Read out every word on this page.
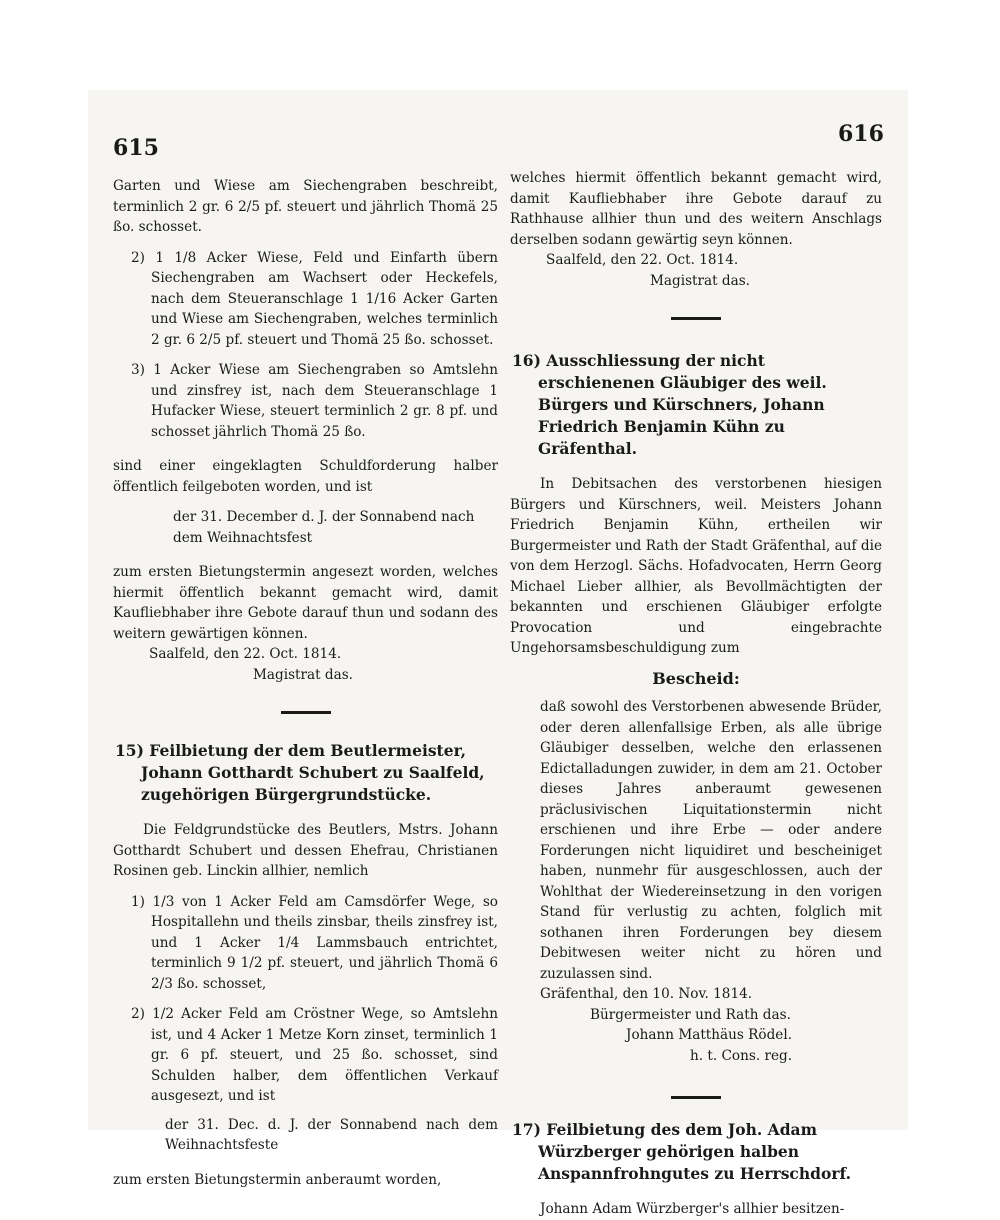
615
616

Garten und Wiese am Siechengraben beschreibt, terminlich 2 gr. 6 2/5 pf. steuert und jährlich Thomä 25 ßo. schosset.

2) 1 1/8 Acker Wiese, Feld und Einfarth übern Siechengraben am Wachsert oder Heckefels, nach dem Steueranschlage 1 1/16 Acker Garten und Wiese am Siechengraben, welches terminlich 2 gr. 6 2/5 pf. steuert und Thomä 25 ßo. schosset.

3) 1 Acker Wiese am Siechengraben so Amtslehn und zinsfrey ist, nach dem Steueranschlage 1 Hufacker Wiese, steuert terminlich 2 gr. 8 pf. und schosset jährlich Thomä 25 ßo.

sind einer eingeklagten Schuldforderung halber öffentlich feilgeboten worden, und ist

der 31. December d. J. der Sonnabend nach dem Weihnachtsfest

zum ersten Bietungstermin angesezt worden, welches hiermit öffentlich bekannt gemacht wird, damit Kaufliebhaber ihre Gebote darauf thun und sodann des weitern gewärtigen können.

Saalfeld, den 22. Oct. 1814.

Magistrat das.

15) Feilbietung der dem Beutlermeister, Johann Gotthardt Schubert zu Saalfeld, zugehörigen Bürgergrundstücke.

Die Feldgrundstücke des Beutlers, Mstrs. Johann Gotthardt Schubert und dessen Ehefrau, Christianen Rosinen geb. Linckin allhier, nemlich

1) 1/3 von 1 Acker Feld am Camsdörfer Wege, so Hospitallehn und theils zinsbar, theils zinsfrey ist, und 1 Acker 1/4 Lammsbauch entrichtet, terminlich 9 1/2 pf. steuert, und jährlich Thomä 6 2/3 ßo. schosset,

2) 1/2 Acker Feld am Cröstner Wege, so Amtslehn ist, und 4 Acker 1 Metze Korn zinset, terminlich 1 gr. 6 pf. steuert, und 25 ßo. schosset, sind Schulden halber, dem öffentlichen Verkauf ausgesezt, und ist

der 31. Dec. d. J. der Sonnabend nach dem Weihnachtsfeste

zum ersten Bietungstermin anberaumt worden,

welches hiermit öffentlich bekannt gemacht wird, damit Kaufliebhaber ihre Gebote darauf zu Rathhause allhier thun und des weitern Anschlags derselben sodann gewärtig seyn können.

Saalfeld, den 22. Oct. 1814.

Magistrat das.

16) Ausschliessung der nicht erschienenen Gläubiger des weil. Bürgers und Kürschners, Johann Friedrich Benjamin Kühn zu Gräfenthal.

In Debitsachen des verstorbenen hiesigen Bürgers und Kürschners, weil. Meisters Johann Friedrich Benjamin Kühn, ertheilen wir Burgermeister und Rath der Stadt Gräfenthal, auf die von dem Herzogl. Sächs. Hofadvocaten, Herrn Georg Michael Lieber allhier, als Bevollmächtigten der bekannten und erschienen Gläubiger erfolgte Provocation und eingebrachte Ungehorsamsbeschuldigung zum

Bescheid:

daß sowohl des Verstorbenen abwesende Brüder, oder deren allenfallsige Erben, als alle übrige Gläubiger desselben, welche den erlassenen Edictalladungen zuwider, in dem am 21. October dieses Jahres anberaumt gewesenen präclusivischen Liquitationstermin nicht erschienen und ihre Erbe — oder andere Forderungen nicht liquidiret und bescheiniget haben, nunmehr für ausgeschlossen, auch der Wohlthat der Wiedereinsetzung in den vorigen Stand für verlustig zu achten, folglich mit sothanen ihren Forderungen bey diesem Debitwesen weiter nicht zu hören und zuzulassen sind.

Gräfenthal, den 10. Nov. 1814.

Bürgermeister und Rath das.

Johann Matthäus Rödel.

h. t. Cons. reg.

17) Feilbietung des dem Joh. Adam Würzberger gehörigen halben Anspannfrohngutes zu Herrschdorf.

Johann Adam Würzberger's allhier besitzen-
